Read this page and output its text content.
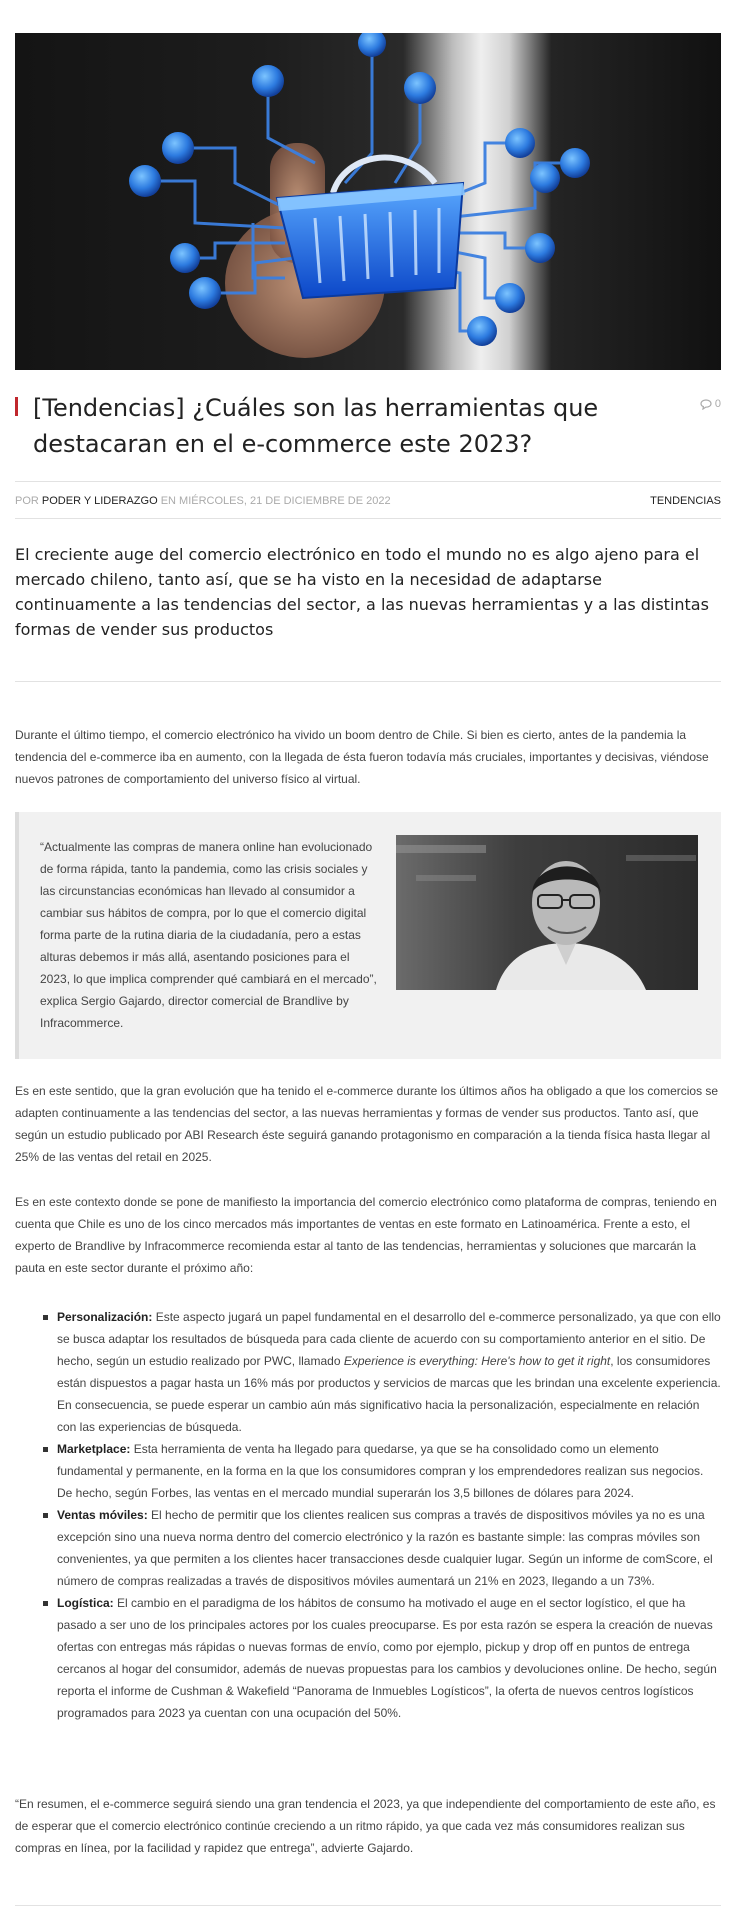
[Tendencias] ¿Cuáles son las herramientas que destacaran en el e-commerce este 2023?
0
POR PODER Y LIDERAZGO EN MIÉRCOLES, 21 DE DICIEMBRE DE 2022	TENDENCIAS

El creciente auge del comercio electrónico en todo el mundo no es algo ajeno para el mercado chileno, tanto así, que se ha visto en la necesidad de adaptarse continuamente a las tendencias del sector, a las nuevas herramientas y a las distintas formas de vender sus productos

Durante el último tiempo, el comercio electrónico ha vivido un boom dentro de Chile. Si bien es cierto, antes de la pandemia la tendencia del e-commerce iba en aumento, con la llegada de ésta fueron todavía más cruciales, importantes y decisivas, viéndose nuevos patrones de comportamiento del universo físico al virtual.

“Actualmente las compras de manera online han evolucionado de forma rápida, tanto la pandemia, como las crisis sociales y las circunstancias económicas han llevado al consumidor a cambiar sus hábitos de compra, por lo que el comercio digital forma parte de la rutina diaria de la ciudadanía, pero a estas alturas debemos ir más allá, asentando posiciones para el 2023, lo que implica comprender qué cambiará en el mercado”, explica Sergio Gajardo, director comercial de Brandlive by Infracommerce.

Es en este sentido, que la gran evolución que ha tenido el e-commerce durante los últimos años ha obligado a que los comercios se adapten continuamente a las tendencias del sector, a las nuevas herramientas y formas de vender sus productos. Tanto así, que según un estudio publicado por ABI Research éste seguirá ganando protagonismo en comparación a la tienda física hasta llegar al 25% de las ventas del retail en 2025.

Es en este contexto donde se pone de manifiesto la importancia del comercio electrónico como plataforma de compras, teniendo en cuenta que Chile es uno de los cinco mercados más importantes de ventas en este formato en Latinoamérica. Frente a esto, el experto de Brandlive by Infracommerce recomienda estar al tanto de las tendencias, herramientas y soluciones que marcarán la pauta en este sector durante el próximo año:

Personalización: Este aspecto jugará un papel fundamental en el desarrollo del e-commerce personalizado, ya que con ello se busca adaptar los resultados de búsqueda para cada cliente de acuerdo con su comportamiento anterior en el sitio. De hecho, según un estudio realizado por PWC, llamado Experience is everything: Here's how to get it right, los consumidores están dispuestos a pagar hasta un 16% más por productos y servicios de marcas que les brindan una excelente experiencia. En consecuencia, se puede esperar un cambio aún más significativo hacia la personalización, especialmente en relación con las experiencias de búsqueda.
Marketplace: Esta herramienta de venta ha llegado para quedarse, ya que se ha consolidado como un elemento fundamental y permanente, en la forma en la que los consumidores compran y los emprendedores realizan sus negocios. De hecho, según Forbes, las ventas en el mercado mundial superarán los 3,5 billones de dólares para 2024.
Ventas móviles: El hecho de permitir que los clientes realicen sus compras a través de dispositivos móviles ya no es una excepción sino una nueva norma dentro del comercio electrónico y la razón es bastante simple: las compras móviles son convenientes, ya que permiten a los clientes hacer transacciones desde cualquier lugar. Según un informe de comScore, el número de compras realizadas a través de dispositivos móviles aumentará un 21% en 2023, llegando a un 73%.
Logística: El cambio en el paradigma de los hábitos de consumo ha motivado el auge en el sector logístico, el que ha pasado a ser uno de los principales actores por los cuales preocuparse. Es por esta razón se espera la creación de nuevas ofertas con entregas más rápidas o nuevas formas de envío, como por ejemplo, pickup y drop off en puntos de entrega cercanos al hogar del consumidor, además de nuevas propuestas para los cambios y devoluciones online. De hecho, según reporta el informe de Cushman & Wakefield “Panorama de Inmuebles Logísticos”, la oferta de nuevos centros logísticos programados para 2023 ya cuentan con una ocupación del 50%.

“En resumen, el e-commerce seguirá siendo una gran tendencia el 2023, ya que independiente del comportamiento de este año, es de esperar que el comercio electrónico continúe creciendo a un ritmo rápido, ya que cada vez más consumidores realizan sus compras en línea, por la facilidad y rapidez que entrega”, advierte Gajardo.
